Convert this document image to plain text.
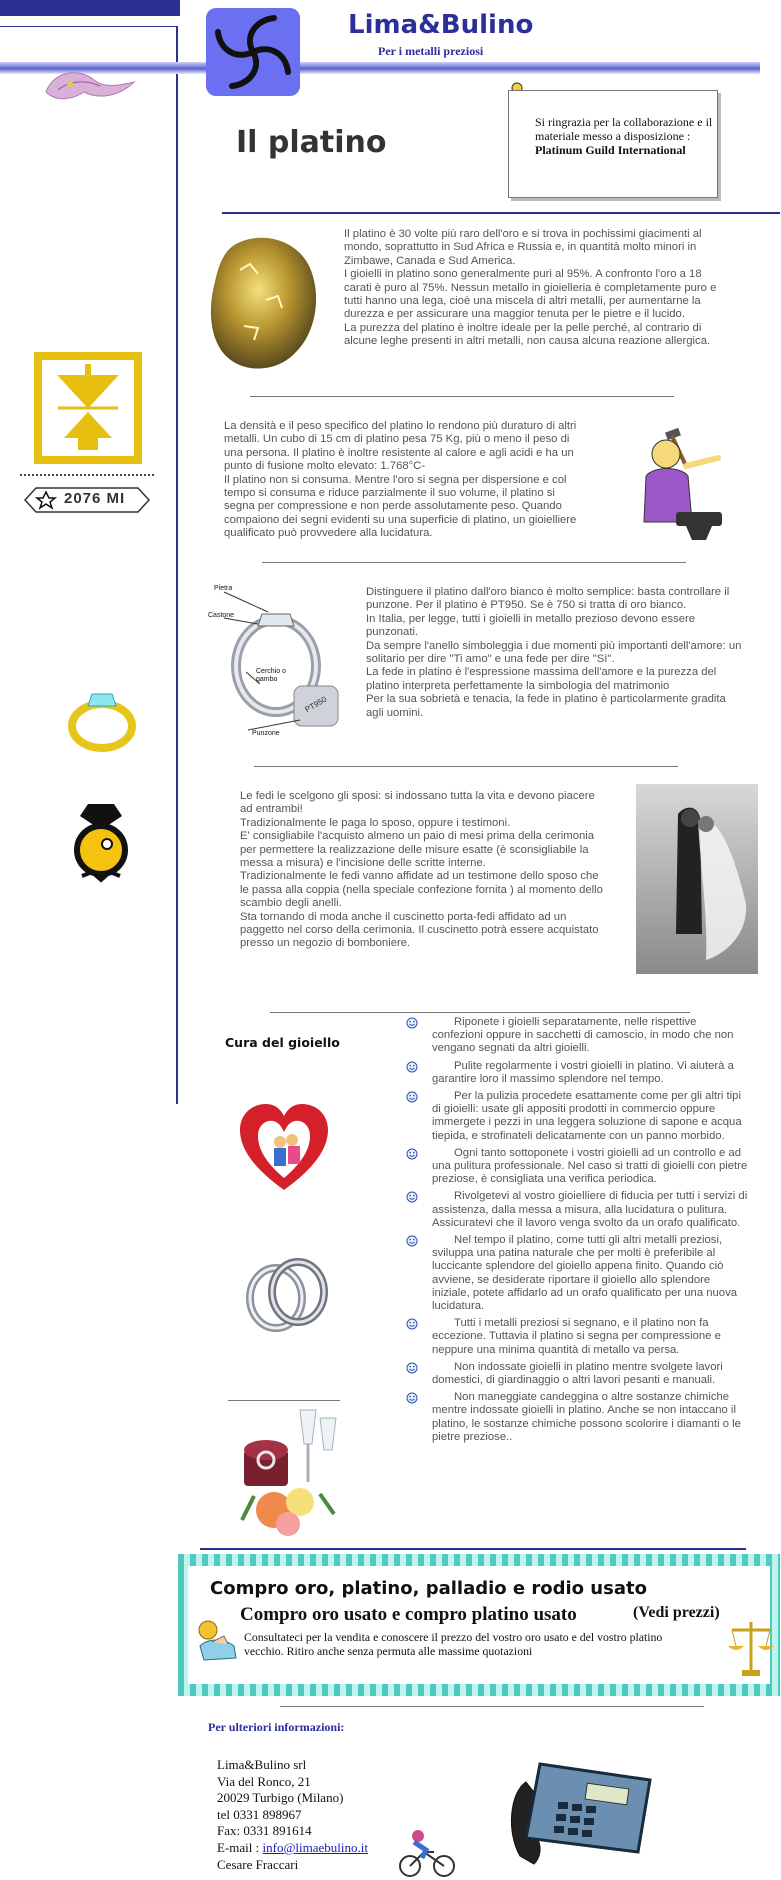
Lima&Bulino
Per i metalli preziosi
Il platino
Si ringrazia per la collaborazione e il materiale messo a disposizione :
Platinum Guild International
Il platino è 30 volte più raro dell'oro e si trova in pochissimi giacimenti al mondo, soprattutto in Sud Africa e Russia e, in quantità molto minori in Zimbawe, Canada e Sud America.
I gioielli in platino sono generalmente puri al 95%. A confronto l'oro a 18 carati è puro al 75%. Nessun metallo in gioielleria è completamente puro e tutti hanno una lega, cioè una miscela di altri metalli, per aumentarne la durezza e per assicurare una maggior tenuta per le pietre e il lucido.
La purezza del platino è inoltre ideale per la pelle perché, al contrario di alcune leghe presenti in altri metalli, non causa alcuna reazione allergica.
La densità e il peso specifico del platino lo rendono più duraturo di altri metalli. Un cubo di 15 cm di platino pesa 75 Kg, più o meno il peso di una persona. Il platino è inoltre resistente al calore e agli acidi e ha un punto di fusione molto elevato: 1.768°C-
Il platino non si consuma. Mentre l'oro si segna per dispersione e col tempo si consuma e riduce parzialmente il suo volume, il platino si segna per compressione e non perde assolutamente peso. Quando compaiono dei segni evidenti su una superficie di platino, un gioielliere qualificato può provvedere alla lucidatura.
2076 MI
Pietra
Castone
Cerchio o gambo
Punzone
PT950
Distinguere il platino dall'oro bianco è molto semplice: basta controllare il punzone. Per il platino è PT950. Se è 750 si tratta di oro bianco.
In Italia, per legge, tutti i gioielli in metallo prezioso devono essere punzonati.
Da sempre l'anello simboleggia i due momenti più importanti dell'amore: un solitario per dire "Ti amo" e una fede per dire "Sì".
La fede in platino è l'espressione massima dell'amore e la purezza del platino interpreta perfettamente la simbologia del matrimonio
Per la sua sobrietà e tenacia, la fede in platino è particolarmente gradita agli uomini.
Le fedi le scelgono gli sposi: si indossano tutta la vita e devono piacere ad entrambi!
Tradizionalmente le paga lo sposo, oppure i testimoni.
E' consigliabile l'acquisto almeno un paio di mesi prima della cerimonia per permettere la realizzazione delle misure esatte (è sconsigliabile la messa a misura) e l'incisione delle scritte interne.
Tradizionalmente le fedi vanno affidate ad un testimone dello sposo che le passa alla coppia (nella speciale confezione fornita ) al momento dello scambio degli anelli.
Sta tornando di moda anche il cuscinetto porta-fedi affidato ad un paggetto nel corso della cerimonia. Il cuscinetto potrà essere acquistato presso un negozio di bomboniere.
Cura del gioiello
Riponete i gioielli separatamente, nelle rispettive confezioni oppure in sacchetti di camoscio, in modo che non vengano segnati da altri gioielli.
Pulite regolarmente i vostri gioielli in platino. Vi aiuterà a garantire loro il massimo splendore nel tempo.
Per la pulizia procedete esattamente come per gli altri tipi di gioielli: usate gli appositi prodotti in commercio oppure immergete i pezzi in una leggera soluzione di sapone e acqua tiepida, e strofinateli delicatamente con un panno morbido.
Ogni tanto sottoponete i vostri gioielli ad un controllo e ad una pulitura professionale. Nel caso si tratti di gioielli con pietre preziose, è consigliata una verifica periodica.
Rivolgetevi al vostro gioielliere di fiducia per tutti i servizi di assistenza, dalla messa a misura, alla lucidatura o pulitura. Assicuratevi che il lavoro venga svolto da un orafo qualificato.
Nel tempo il platino, come tutti gli altri metalli preziosi, sviluppa una patina naturale che per molti è preferibile al luccicante splendore del gioiello appena finito. Quando ciò avviene, se desiderate riportare il gioiello allo splendore iniziale, potete affidarlo ad un orafo qualificato per una nuova lucidatura.
Tutti i metalli preziosi si segnano, e il platino non fa eccezione. Tuttavia il platino si segna per compressione e neppure una minima quantità di metallo va persa.
Non indossate gioielli in platino mentre svolgete lavori domestici, di giardinaggio o altri lavori pesanti e manuali.
Non maneggiate candeggina o altre sostanze chimiche mentre indossate gioielli in platino. Anche se non intaccano il platino, le sostanze chimiche possono scolorire i diamanti o le pietre preziose..
Compro oro, platino, palladio e rodio usato
Compro oro usato e compro platino usato	(Vedi prezzi)
Consultateci per la vendita e conoscere il prezzo del vostro oro usato e del vostro platino vecchio. Ritiro anche senza permuta alle massime quotazioni
Per ulteriori informazioni:
Lima&Bulino srl
Via del Ronco, 21
20029 Turbigo (Milano)
tel 0331 898967
Fax: 0331 891614
E-mail : info@limaebulino.it
Cesare Fraccari
